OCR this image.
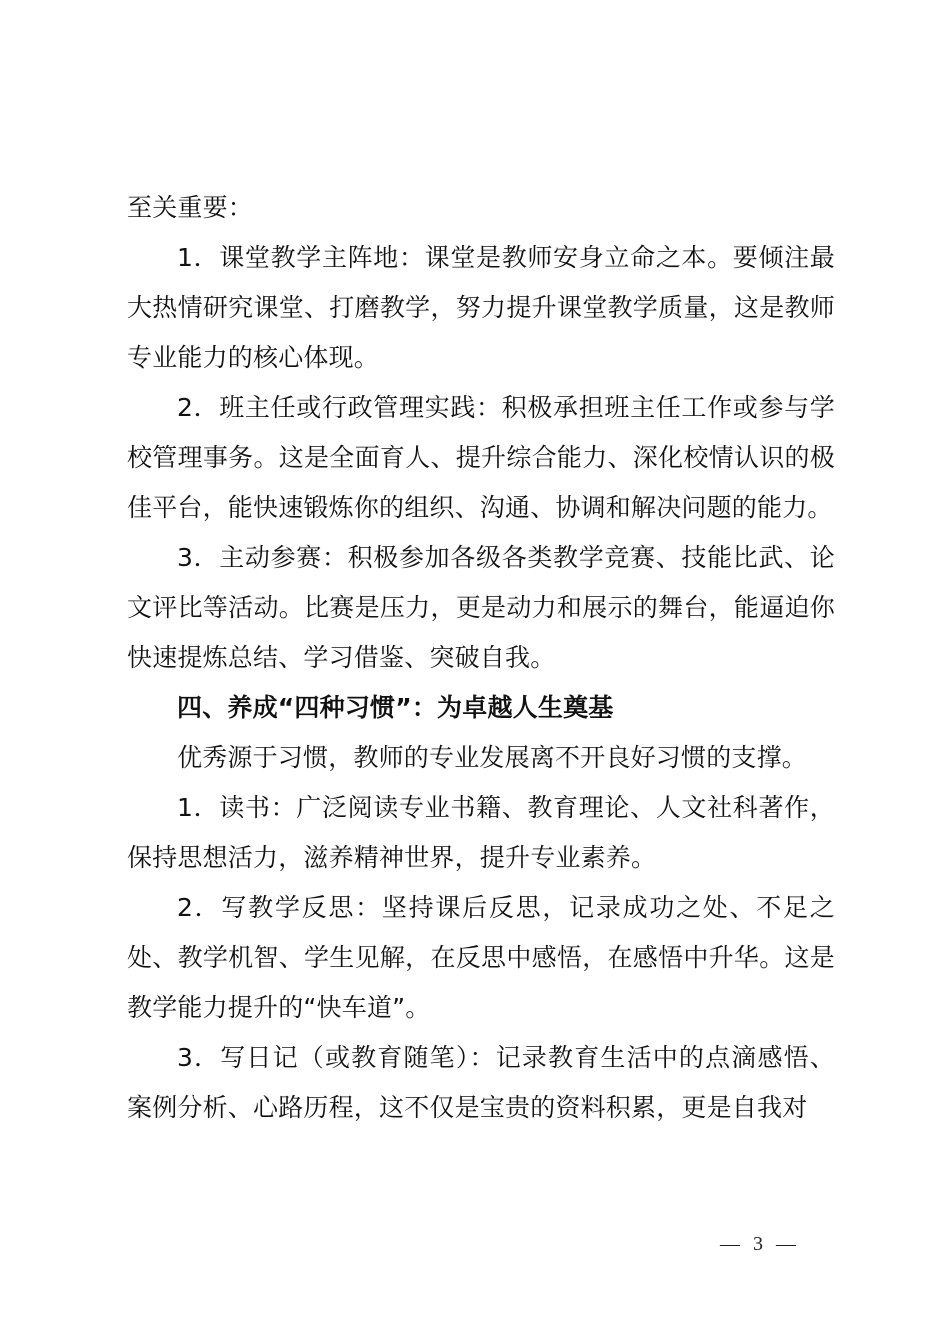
至关重要：

1．课堂教学主阵地：课堂是教师安身立命之本。要倾注最大热情研究课堂、打磨教学，努力提升课堂教学质量，这是教师专业能力的核心体现。

2．班主任或行政管理实践：积极承担班主任工作或参与学校管理事务。这是全面育人、提升综合能力、深化校情认识的极佳平台，能快速锻炼你的组织、沟通、协调和解决问题的能力。

3．主动参赛：积极参加各级各类教学竞赛、技能比武、论文评比等活动。比赛是压力，更是动力和展示的舞台，能逼迫你快速提炼总结、学习借鉴、突破自我。

四、养成“四种习惯”：为卓越人生奠基

优秀源于习惯，教师的专业发展离不开良好习惯的支撑。

1．读书：广泛阅读专业书籍、教育理论、人文社科著作，保持思想活力，滋养精神世界，提升专业素养。

2．写教学反思：坚持课后反思，记录成功之处、不足之处、教学机智、学生见解，在反思中感悟，在感悟中升华。这是教学能力提升的“快车道”。

3．写日记（或教育随笔）：记录教育生活中的点滴感悟、案例分析、心路历程，这不仅是宝贵的资料积累，更是自我对

— 3 —
